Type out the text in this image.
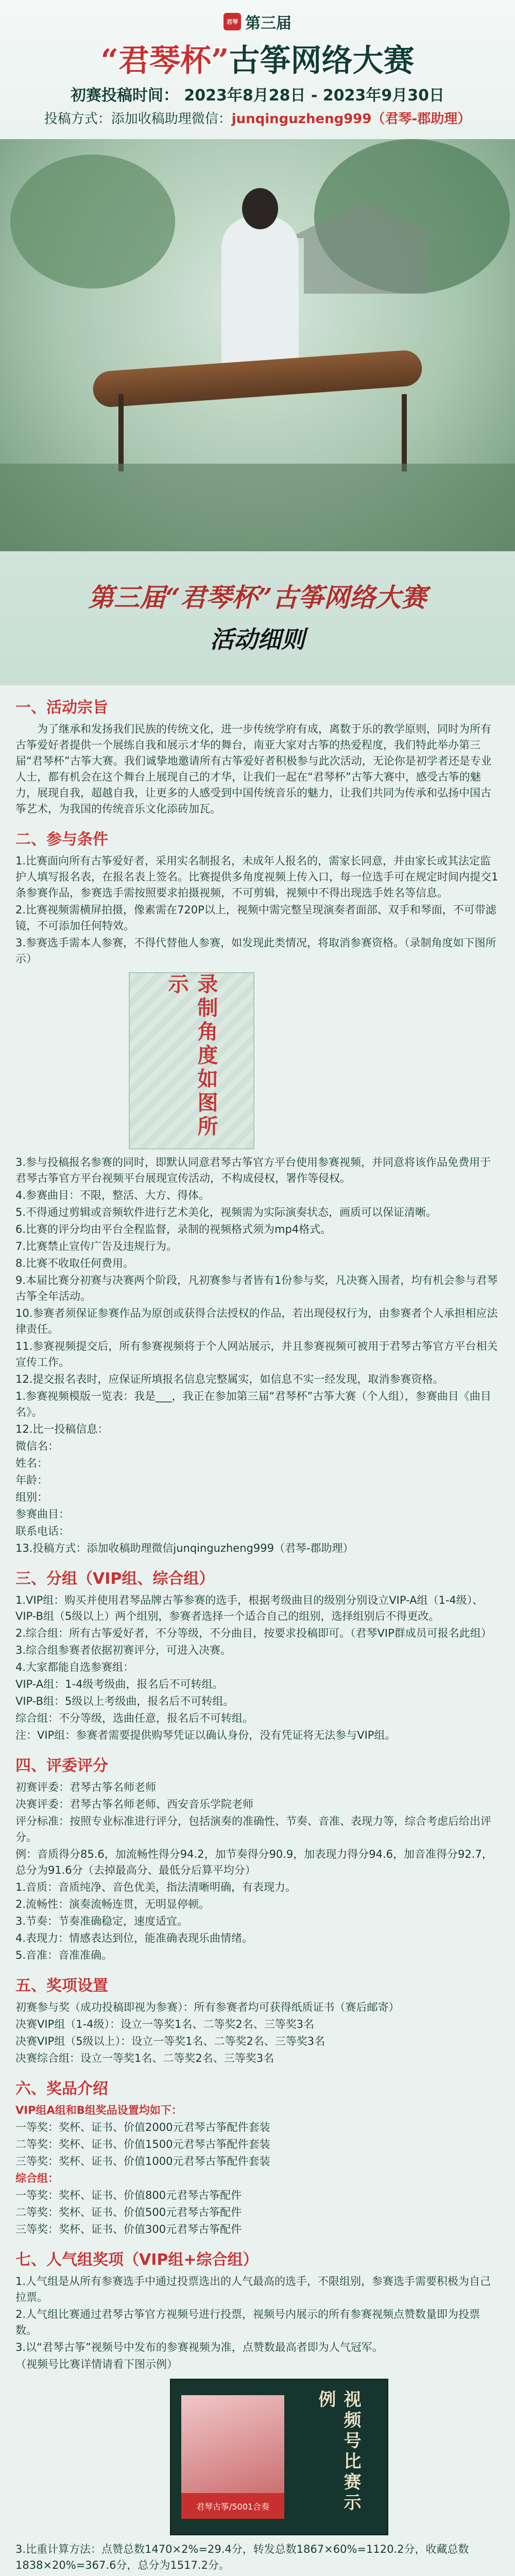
君琴 第三届
“君琴杯”古筝网络大赛
初赛投稿时间： 2023年8月28日 - 2023年9月30日
投稿方式：添加收稿助理微信：junqinguzheng999（君琴-郡助理）
第三届“君琴杯”古筝网络大赛
活动细则
一、活动宗旨
为了继承和发扬我们民族的传统文化，进一步传统学府有成，离数于乐的教学原则，同时为所有古筝爱好者提供一个展练自我和展示才华的舞台，南亚大家对古筝的热爱程度，我们特此举办第三届“君琴杯”古筝大赛。我们诚挚地邀请所有古筝爱好者积极参与此次活动，无论你是初学者还是专业人士，都有机会在这个舞台上展现自己的才华，让我们一起在“君琴杯”古筝大赛中，感受古筝的魅力，展现自我，超越自我，让更多的人感受到中国传统音乐的魅力，让我们共同为传承和弘扬中国古筝艺术，为我国的传统音乐文化添砖加瓦。
二、参与条件
1.比赛面向所有古筝爱好者，采用实名制报名，未成年人报名的，需家长同意，并由家长或其法定监护人填写报名表，在报名表上签名。比赛提供多角度视频上传入口，每一位选手可在规定时间内提交1条参赛作品，参赛选手需按照要求拍摄视频，不可剪辑，视频中不得出现选手姓名等信息。
2.比赛视频需横屏拍摄，像素需在720P以上，视频中需完整呈现演奏者面部、双手和琴面，不可带滤镜，不可添加任何特效。
3.参赛选手需本人参赛，不得代替他人参赛，如发现此类情况，将取消参赛资格。（录制角度如下图所示）
录制角度如图所示
3.参与投稿报名参赛的同时，即默认同意君琴古筝官方平台使用参赛视频，并同意将该作品免费用于君琴古筝官方平台视频平台展现宣传活动，不构成侵权，署作等侵权。
4.参赛曲目：不限，整活、大方、得体。
5.不得通过剪辑或音频软件进行艺术美化，视频需为实际演奏状态，画质可以保证清晰。
6.比赛的评分均由平台全程监督，录制的视频格式须为mp4格式。
7.比赛禁止宣传广告及违规行为。
8.比赛不收取任何费用。
9.本届比赛分初赛与决赛两个阶段，凡初赛参与者皆有1份参与奖，凡决赛入围者，均有机会参与君琴古筝全年活动。
10.参赛者须保证参赛作品为原创或获得合法授权的作品，若出现侵权行为，由参赛者个人承担相应法律责任。
11.参赛视频提交后，所有参赛视频将于个人网站展示，并且参赛视频可被用于君琴古筝官方平台相关宣传工作。
12.提交报名表时，应保证所填报名信息完整属实，如信息不实一经发现，取消参赛资格。
1.参赛视频模版一览表：我是___，我正在参加第三届“君琴杯”古筝大赛（个人组），参赛曲目《曲目名》。
12.比一投稿信息：
微信名：
姓名：
年龄：
组别：
参赛曲目：
联系电话：
13.投稿方式：添加收稿助理微信junqinguzheng999（君琴-郡助理）
三、分组（VIP组、综合组）
1.VIP组：购买并使用君琴品牌古筝参赛的选手，根据考级曲目的级别分别设立VIP-A组（1-4级）、VIP-B组（5级以上）两个组别，参赛者选择一个适合自己的组别，选择组别后不得更改。
2.综合组：所有古筝爱好者，不分等级，不分曲目，按要求投稿即可。（君琴VIP群成员可报名此组）
3.综合组参赛者依据初赛评分，可进入决赛。
4.大家都能自选参赛组：
VIP-A组：1-4级考级曲，报名后不可转组。
VIP-B组：5级以上考级曲，报名后不可转组。
综合组：不分等级，选曲任意，报名后不可转组。
注：VIP组：参赛者需要提供购琴凭证以确认身份，没有凭证将无法参与VIP组。
四、评委评分
初赛评委：君琴古筝名师老师
决赛评委：君琴古筝名师老师、西安音乐学院老师
评分标准：按照专业标准进行评分，包括演奏的准确性、节奏、音准、表现力等，综合考虑后给出评分。
例：音质得分85.6，加流畅性得分94.2，加节奏得分90.9，加表现力得分94.6，加音准得分92.7，总分为91.6分（去掉最高分、最低分后算平均分）
1.音质：音质纯净、音色优美，指法清晰明确，有表现力。
2.流畅性：演奏流畅连贯，无明显停顿。
3.节奏：节奏准确稳定，速度适宜。
4.表现力：情感表达到位，能准确表现乐曲情绪。
5.音准：音准准确。
五、奖项设置
初赛参与奖（成功投稿即视为参赛）：所有参赛者均可获得纸质证书（赛后邮寄）
决赛VIP组（1-4级）：设立一等奖1名、二等奖2名、三等奖3名
决赛VIP组（5级以上）：设立一等奖1名、二等奖2名、三等奖3名
决赛综合组：设立一等奖1名、二等奖2名、三等奖3名
六、奖品介绍
VIP组A组和B组奖品设置均如下：
一等奖：奖杯、证书、价值2000元君琴古筝配件套装
二等奖：奖杯、证书、价值1500元君琴古筝配件套装
三等奖：奖杯、证书、价值1000元君琴古筝配件套装
综合组：
一等奖：奖杯、证书、价值800元君琴古筝配件
二等奖：奖杯、证书、价值500元君琴古筝配件
三等奖：奖杯、证书、价值300元君琴古筝配件
七、人气组奖项（VIP组+综合组）
1.人气组是从所有参赛选手中通过投票选出的人气最高的选手，不限组别，参赛选手需要积极为自己拉票。
2.人气组比赛通过君琴古筝官方视频号进行投票，视频号内展示的所有参赛视频点赞数量即为投票数。
3.以“君琴古筝”视频号中发布的参赛视频为准，点赞数最高者即为人气冠军。
（视频号比赛详情请看下图示例）
君琴古筝/5001合奏	视频号比赛示例
3.比重计算方法：点赞总数1470×2%=29.4分，转发总数1867×60%=1120.2分，收藏总数1838×20%=367.6分，总分为1517.2分。
